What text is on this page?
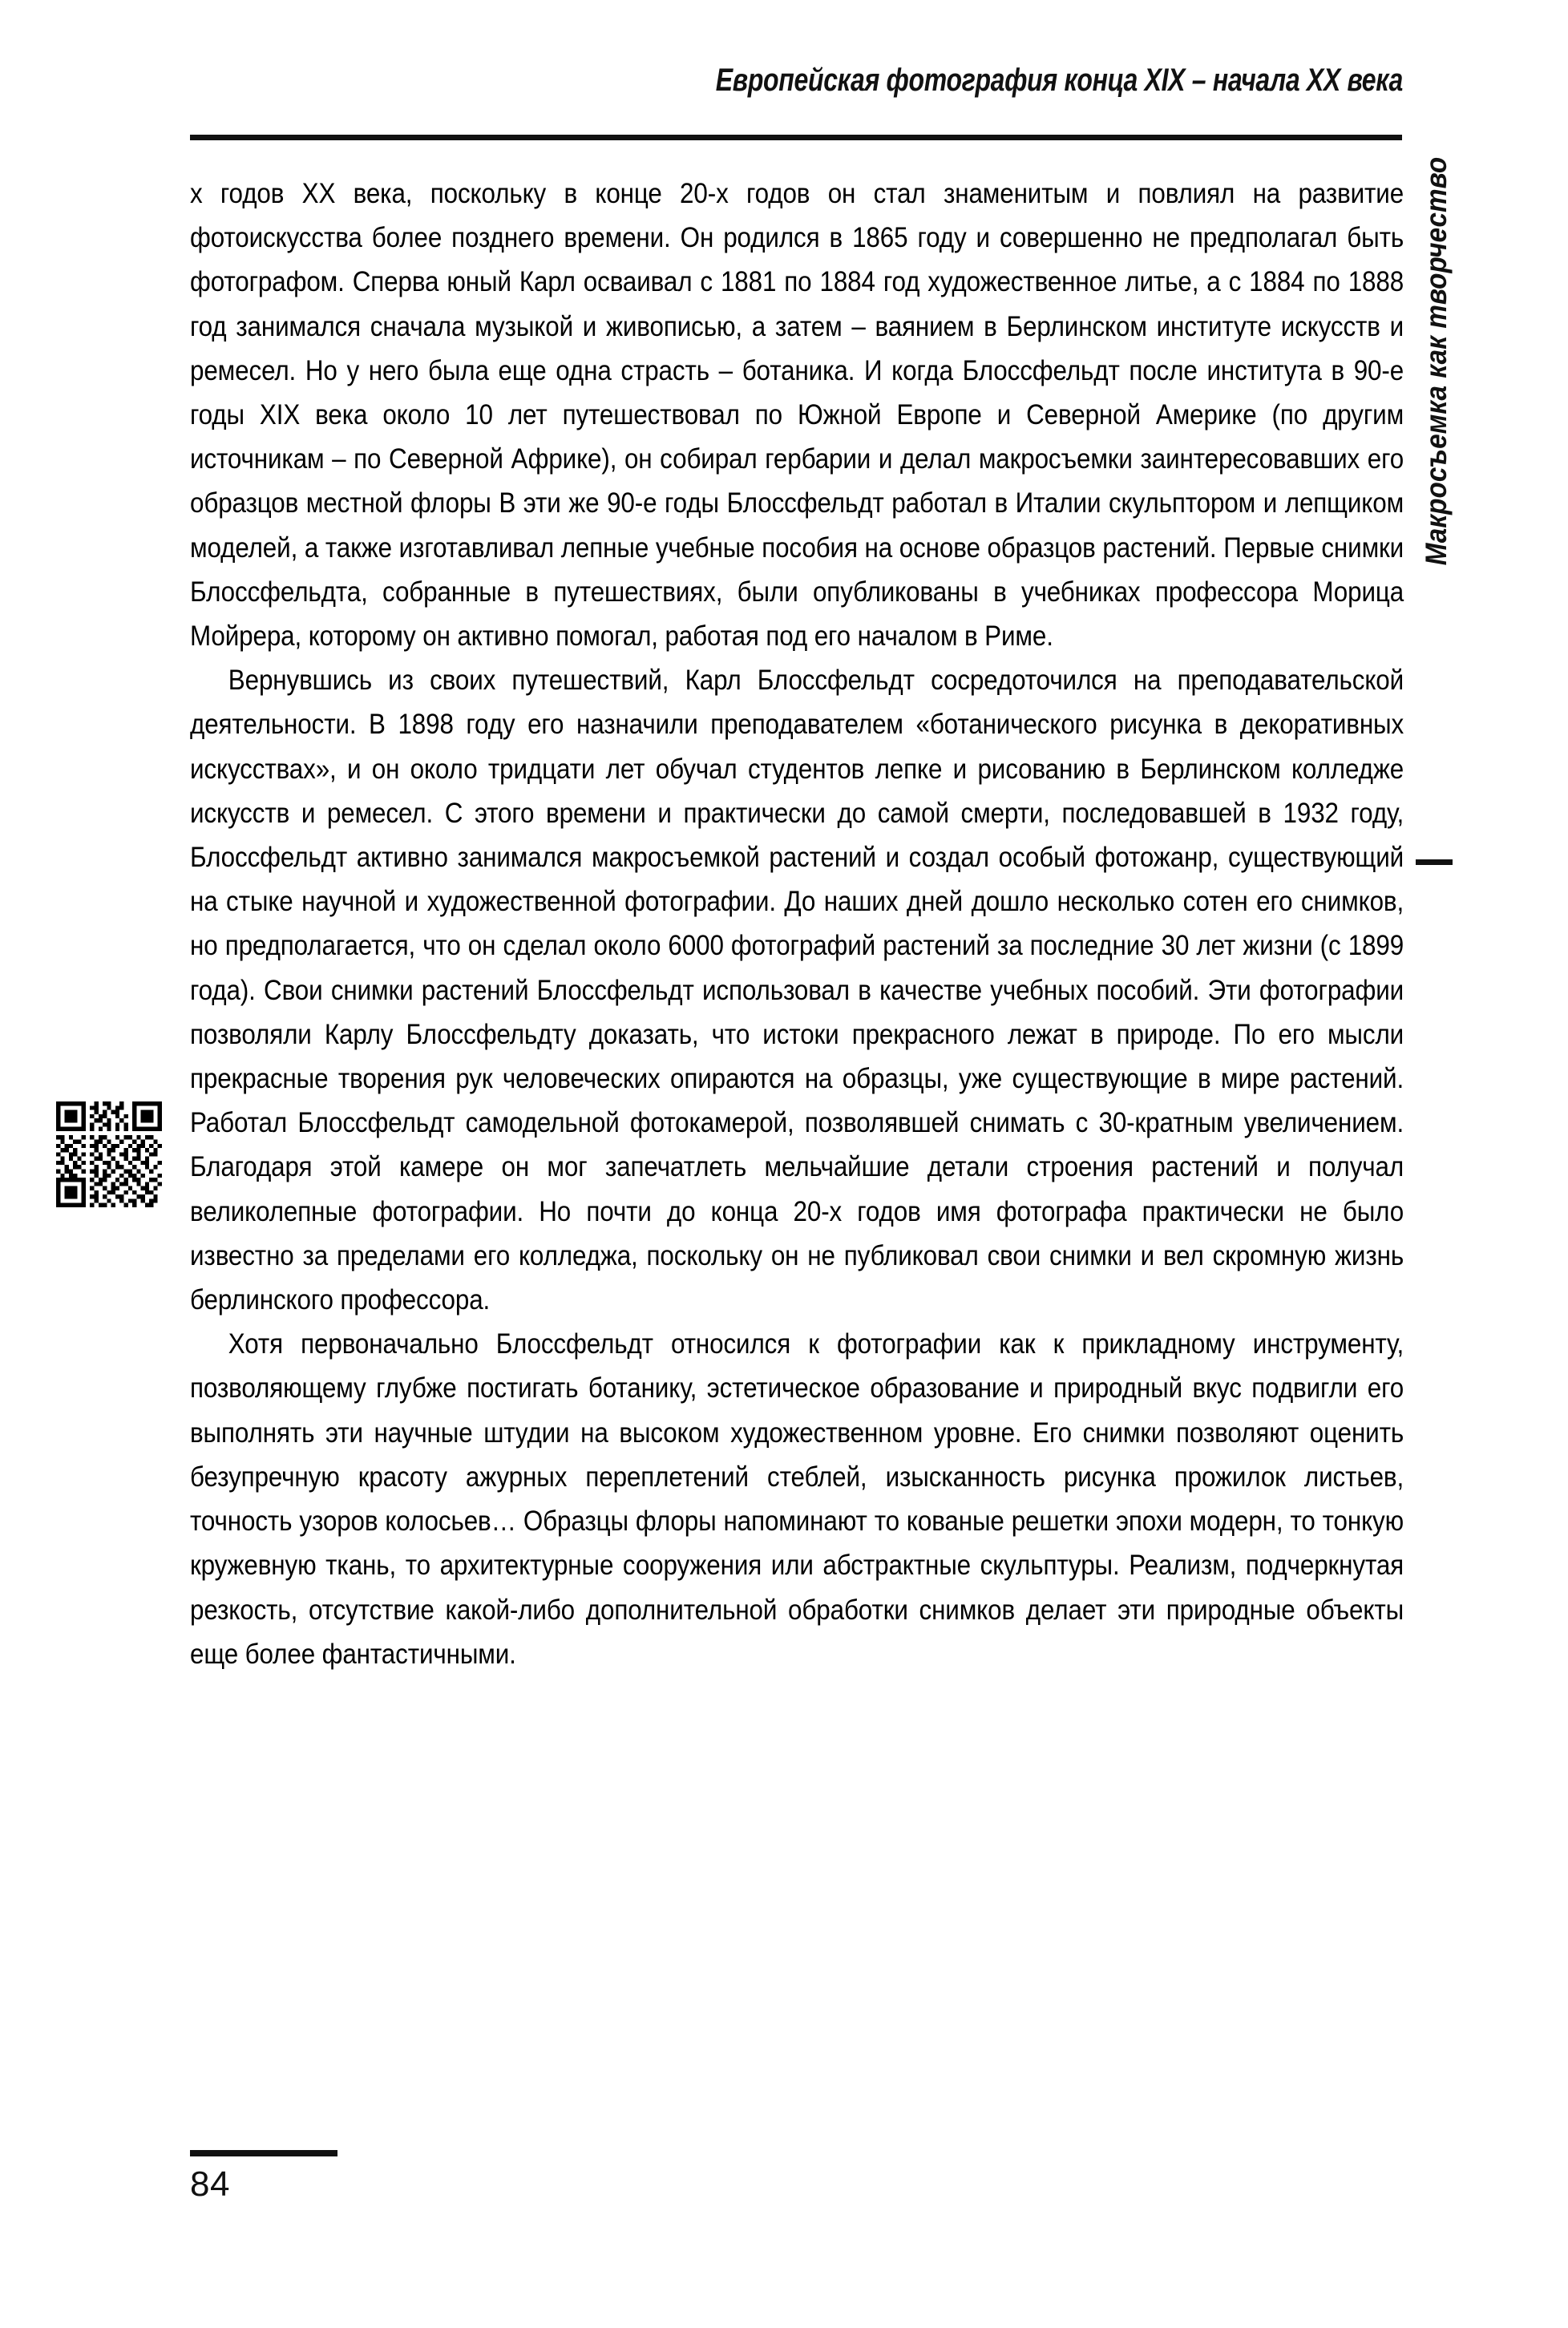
Европейская фотография конца XIX – начала XX века
Макросъемка как творчество

х годов XX века, поскольку в конце 20-х годов он стал знаменитым и повлиял на развитие фотоискусства более позднего времени. Он родился в 1865 году и совершенно не предполагал быть фотографом. Сперва юный Карл осваивал с 1881 по 1884 год художественное литье, а с 1884 по 1888 год занимался сначала музыкой и живописью, а затем – ваянием в Берлинском институте искусств и ремесел. Но у него была еще одна страсть – ботаника. И когда Блоссфельдт после института в 90-е годы XIX века около 10 лет путешествовал по Южной Европе и Северной Америке (по другим источникам – по Северной Африке), он собирал гербарии и делал макросъемки заинтересовавших его образцов местной флоры В эти же 90-е годы Блоссфельдт работал в Италии скульптором и лепщиком моделей, а также изготавливал лепные учебные пособия на основе образцов растений. Первые снимки Блоссфельдта, собранные в путешествиях, были опубликованы в учебниках профессора Морица Мойрера, которому он активно помогал, работая под его началом в Риме.

Вернувшись из своих путешествий, Карл Блоссфельдт сосредоточился на преподавательской деятельности. В 1898 году его назначили преподавателем «ботанического рисунка в декоративных искусствах», и он около тридцати лет обучал студентов лепке и рисованию в Берлинском колледже искусств и ремесел. С этого времени и практически до самой смерти, последовавшей в 1932 году, Блоссфельдт активно занимался макросъемкой растений и создал особый фотожанр, существующий на стыке научной и художественной фотографии. До наших дней дошло несколько сотен его снимков, но предполагается, что он сделал около 6000 фотографий растений за последние 30 лет жизни (с 1899 года). Свои снимки растений Блоссфельдт использовал в качестве учебных пособий. Эти фотографии позволяли Карлу Блоссфельдту доказать, что истоки прекрасного лежат в природе. По его мысли прекрасные творения рук человеческих опираются на образцы, уже существующие в мире растений. Работал Блоссфельдт самодельной фотокамерой, позволявшей снимать с 30-кратным увеличением. Благодаря этой камере он мог запечатлеть мельчайшие детали строения растений и получал великолепные фотографии. Но почти до конца 20-х годов имя фотографа практически не было известно за пределами его колледжа, поскольку он не публиковал свои снимки и вел скромную жизнь берлинского профессора.

Хотя первоначально Блоссфельдт относился к фотографии как к прикладному инструменту, позволяющему глубже постигать ботанику, эстетическое образование и природный вкус подвигли его выполнять эти научные штудии на высоком художественном уровне. Его снимки позволяют оценить безупречную красоту ажурных переплетений стеблей, изысканность рисунка прожилок листьев, точность узоров колосьев… Образцы флоры напоминают то кованые решетки эпохи модерн, то тонкую кружевную ткань, то архитектурные сооружения или абстрактные скульптуры. Реализм, подчеркнутая резкость, отсутствие какой-либо дополнительной обработки снимков делает эти природные объекты еще более фантастичными.

84
